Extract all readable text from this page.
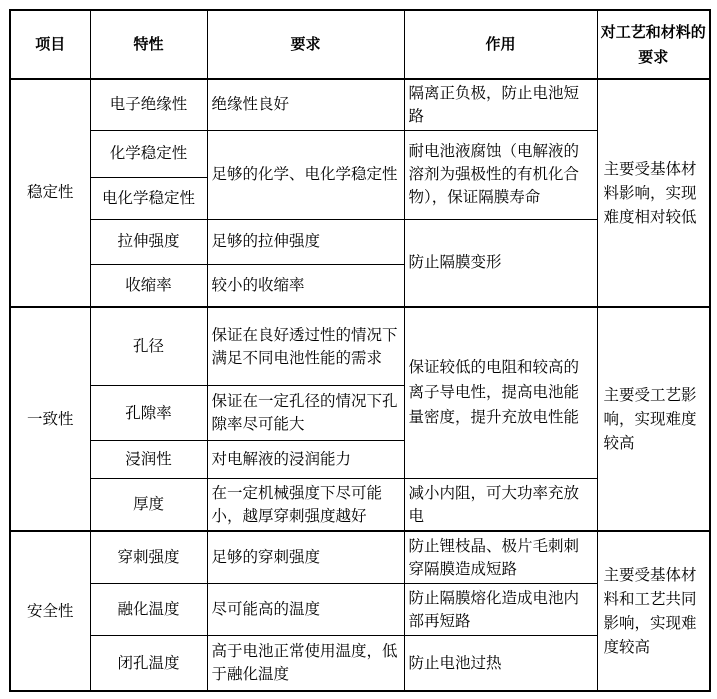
项目	特性	要求	作用	对工艺和材料的要求
稳定性	电子绝缘性	绝缘性良好	隔离正负极，防止电池短路	主要受基体材料影响，实现难度相对较低
	化学稳定性	足够的化学、电化学稳定性	耐电池液腐蚀（电解液的溶剂为强极性的有机化合物），保证隔膜寿命	
	电化学稳定性			
	拉伸强度	足够的拉伸强度	防止隔膜变形	
	收缩率	较小的收缩率		
一致性	孔径	保证在良好透过性的情况下满足不同电池性能的需求	保证较低的电阻和较高的离子导电性，提高电池能量密度，提升充放电性能	主要受工艺影响，实现难度较高
	孔隙率	保证在一定孔径的情况下孔隙率尽可能大		
	浸润性	对电解液的浸润能力		
	厚度	在一定机械强度下尽可能小，越厚穿刺强度越好	减小内阻，可大功率充放电	
安全性	穿刺强度	足够的穿刺强度	防止锂枝晶、极片毛刺刺穿隔膜造成短路	主要受基体材料和工艺共同影响，实现难度较高
	融化温度	尽可能高的温度	防止隔膜熔化造成电池内部再短路	
	闭孔温度	高于电池正常使用温度，低于融化温度	防止电池过热	
